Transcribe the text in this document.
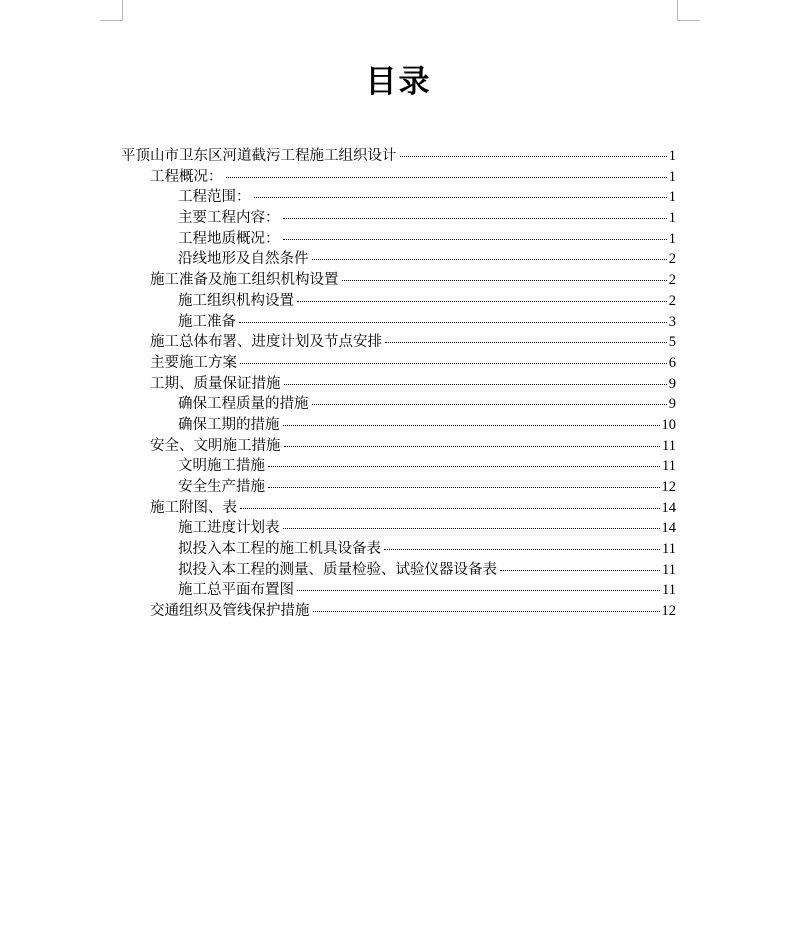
目录
平顶山市卫东区河道截污工程施工组织设计	1
工程概况：	1
工程范围：	1
主要工程内容：	1
工程地质概况：	1
沿线地形及自然条件	2
施工准备及施工组织机构设置	2
施工组织机构设置	2
施工准备	3
施工总体布署、进度计划及节点安排	5
主要施工方案	6
工期、质量保证措施	9
确保工程质量的措施	9
确保工期的措施	10
安全、文明施工措施	11
文明施工措施	11
安全生产措施	12
施工附图、表	14
施工进度计划表	14
拟投入本工程的施工机具设备表	11
拟投入本工程的测量、质量检验、试验仪器设备表	11
施工总平面布置图	11
交通组织及管线保护措施	12
